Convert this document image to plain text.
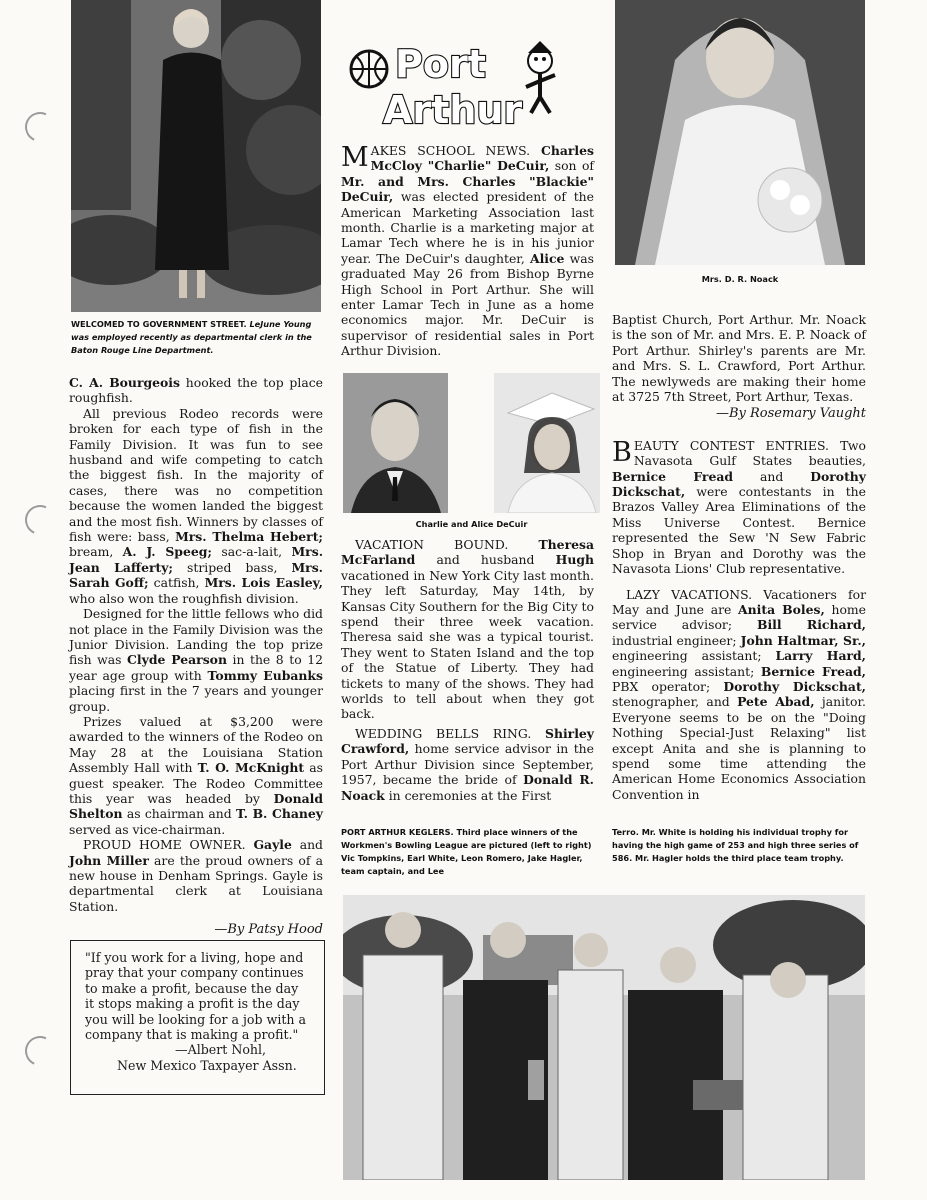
WELCOMED TO GOVERNMENT STREET. LeJune Young was employed recently as departmental clerk in the Baton Rouge Line Department.

C. A. Bourgeois hooked the top place roughfish.

All previous Rodeo records were broken for each type of fish in the Family Division. It was fun to see husband and wife competing to catch the biggest fish. In the majority of cases, there was no competition because the women landed the biggest and the most fish. Winners by classes of fish were: bass, Mrs. Thelma Hebert; bream, A. J. Speeg; sac-a-lait, Mrs. Jean Lafferty; striped bass, Mrs. Sarah Goff; catfish, Mrs. Lois Easley, who also won the roughfish division.

Designed for the little fellows who did not place in the Family Division was the Junior Division. Landing the top prize fish was Clyde Pearson in the 8 to 12 year age group with Tommy Eubanks placing first in the 7 years and younger group.

Prizes valued at $3,200 were awarded to the winners of the Rodeo on May 28 at the Louisiana Station Assembly Hall with T. O. McKnight as guest speaker. The Rodeo Committee this year was headed by Donald Shelton as chairman and T. B. Chaney served as vice-chairman.

PROUD HOME OWNER. Gayle and John Miller are the proud owners of a new house in Denham Springs. Gayle is departmental clerk at Louisiana Station.

—By Patsy Hood

"If you work for a living, hope and pray that your company continues to make a profit, because the day it stops making a profit is the day you will be looking for a job with a company that is making a profit."
—Albert Nohl,
New Mexico Taxpayer Assn.
Port
Arthur

MAKES SCHOOL NEWS. Charles McCloy "Charlie" DeCuir, son of Mr. and Mrs. Charles "Blackie" DeCuir, was elected president of the American Marketing Association last month. Charlie is a marketing major at Lamar Tech where he is in his junior year. The DeCuir's daughter, Alice was graduated May 26 from Bishop Byrne High School in Port Arthur. She will enter Lamar Tech in June as a home economics major. Mr. DeCuir is supervisor of residential sales in Port Arthur Division.

Charlie and Alice DeCuir

VACATION BOUND. Theresa McFarland and husband Hugh vacationed in New York City last month. They left Saturday, May 14th, by Kansas City Southern for the Big City to spend their three week vacation. Theresa said she was a typical tourist. They went to Staten Island and the top of the Statue of Liberty. They had tickets to many of the shows. They had worlds to tell about when they got back.

WEDDING BELLS RING. Shirley Crawford, home service advisor in the Port Arthur Division since September, 1957, became the bride of Donald R. Noack in ceremonies at the First

Mrs. D. R. Noack

Baptist Church, Port Arthur. Mr. Noack is the son of Mr. and Mrs. E. P. Noack of Port Arthur. Shirley's parents are Mr. and Mrs. S. L. Crawford, Port Arthur. The newlyweds are making their home at 3725 7th Street, Port Arthur, Texas.

—By Rosemary Vaught

BEAUTY CONTEST ENTRIES. Two Navasota Gulf States beauties, Bernice Fread and Dorothy Dickschat, were contestants in the Brazos Valley Area Eliminations of the Miss Universe Contest. Bernice represented the Sew 'N Sew Fabric Shop in Bryan and Dorothy was the Navasota Lions' Club representative.

LAZY VACATIONS. Vacationers for May and June are Anita Boles, home service advisor; Bill Richard, industrial engineer; John Haltmar, Sr., engineering assistant; Larry Hard, engineering assistant; Bernice Fread, PBX operator; Dorothy Dickschat, stenographer, and Pete Abad, janitor. Everyone seems to be on the "Doing Nothing Special-Just Relaxing" list except Anita and she is planning to spend some time attending the American Home Economics Association Convention in

PORT ARTHUR KEGLERS. Third place winners of the Workmen's Bowling League are pictured (left to right) Vic Tompkins, Earl White, Leon Romero, Jake Hagler, team captain, and Lee
Terro. Mr. White is holding his individual trophy for having the high game of 253 and high three series of 586. Mr. Hagler holds the third place team trophy.
